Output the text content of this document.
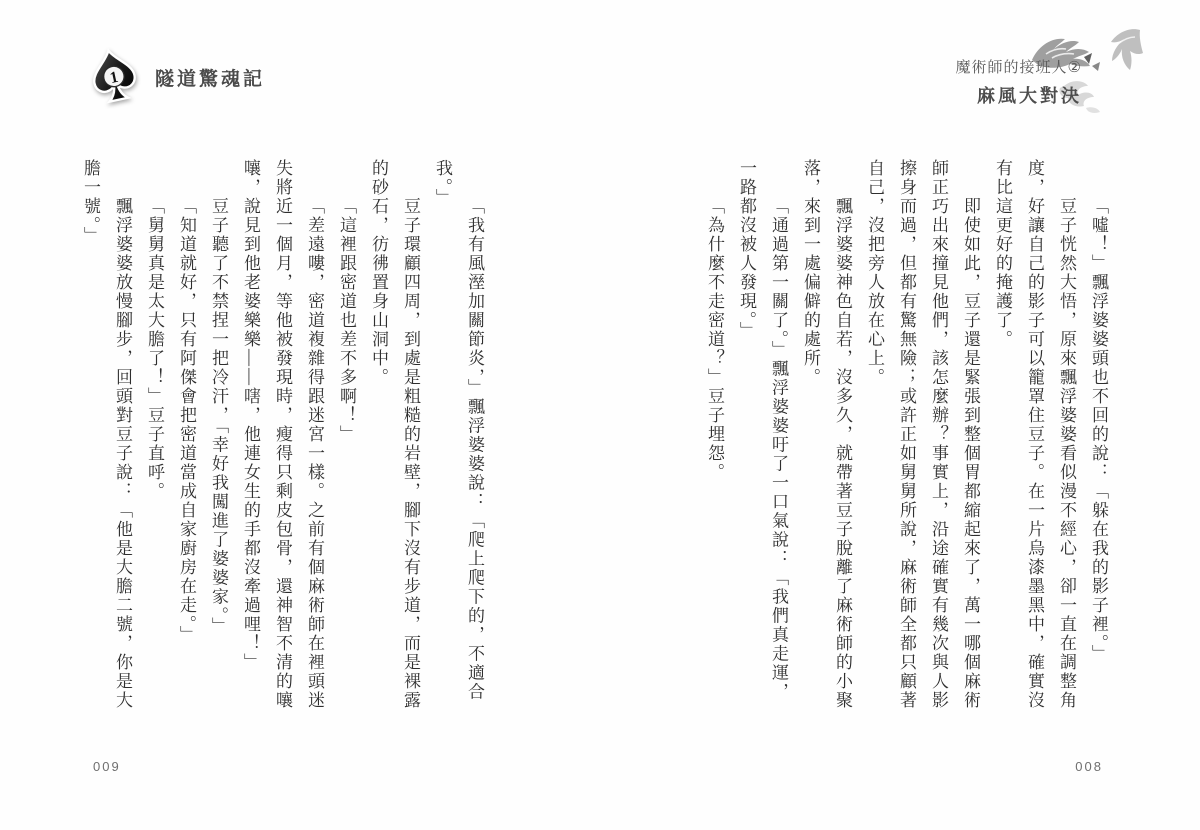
1 隧道驚魂記
魔術師的接班人②
麻風大對決

「噓！」飄浮婆婆頭也不回的說：「躲在我的影子裡。」

豆子恍然大悟，原來飄浮婆婆看似漫不經心，卻一直在調整角度，好讓自己的影子可以籠罩住豆子。在一片烏漆墨黑中，確實沒有比這更好的掩護了。

即使如此，豆子還是緊張到整個胃都縮起來了，萬一哪個麻術師正巧出來撞見他們，該怎麼辦？事實上，沿途確實有幾次與人影擦身而過，但都有驚無險；或許正如舅舅所說，麻術師全都只顧著自己，沒把旁人放在心上。

飄浮婆婆神色自若，沒多久，就帶著豆子脫離了麻術師的小聚落，來到一處偏僻的處所。

「通過第一關了。」飄浮婆婆吁了一口氣說：「我們真走運，一路都沒被人發現。」

「為什麼不走密道？」豆子埋怨。

「我有風溼加關節炎，」飄浮婆婆說：「爬上爬下的，不適合我。」

豆子環顧四周，到處是粗糙的岩壁，腳下沒有步道，而是裸露的砂石，彷彿置身山洞中。

「這裡跟密道也差不多啊！」

「差遠嘍，密道複雜得跟迷宮一樣。之前有個麻術師在裡頭迷失將近一個月，等他被發現時，瘦得只剩皮包骨，還神智不清的嚷嚷，說見到他老婆樂樂——嗐，他連女生的手都沒牽過哩！」

豆子聽了不禁捏一把冷汗，「幸好我闖進了婆婆家。」

「知道就好，只有阿傑會把密道當成自家廚房在走。」

「舅舅真是太大膽了！」豆子直呼。

飄浮婆婆放慢腳步，回頭對豆子說：「他是大膽二號，你是大膽一號。」

009	008
